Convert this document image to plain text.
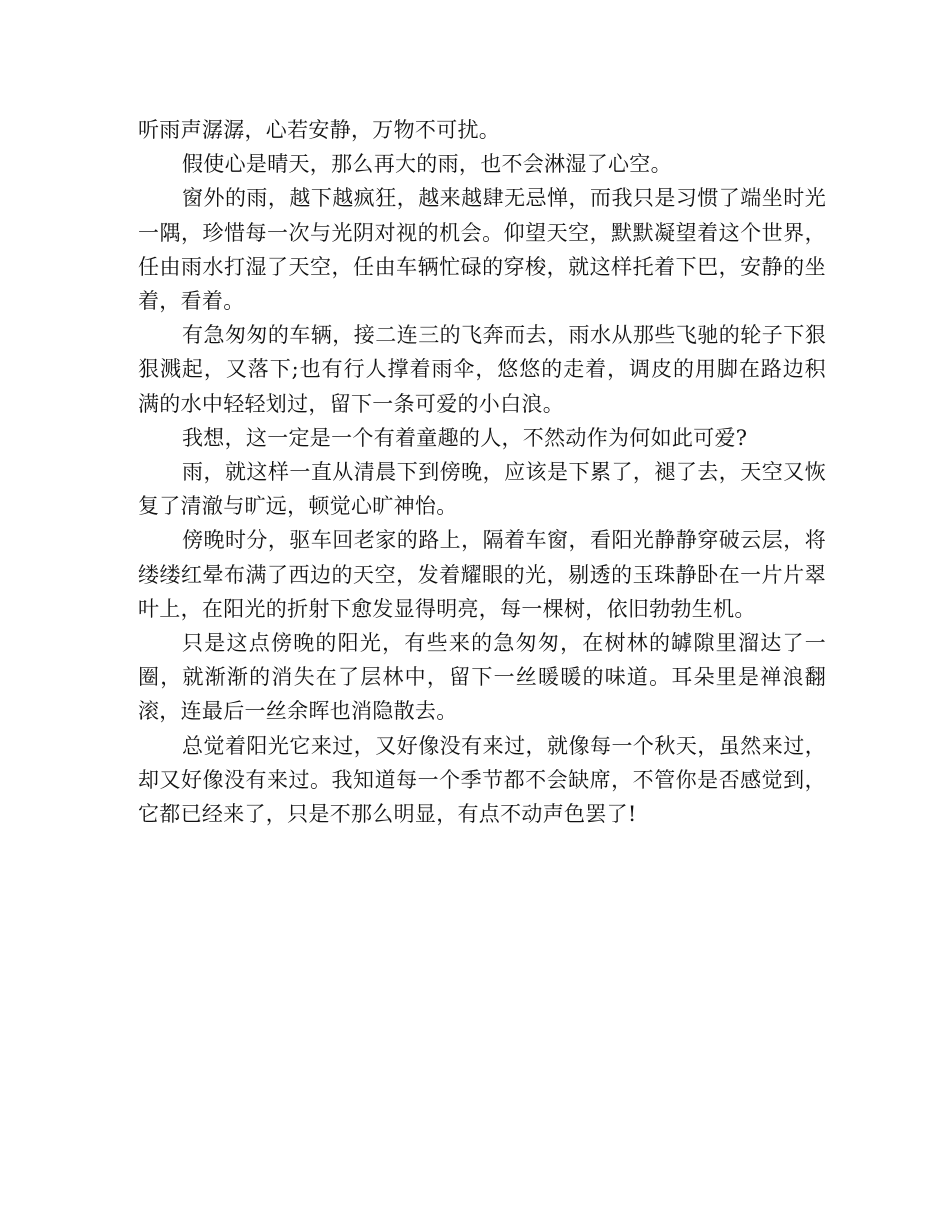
听雨声潺潺，心若安静，万物不可扰。

假使心是晴天，那么再大的雨，也不会淋湿了心空。

窗外的雨，越下越疯狂，越来越肆无忌惮，而我只是习惯了端坐时光一隅，珍惜每一次与光阴对视的机会。仰望天空，默默凝望着这个世界，任由雨水打湿了天空，任由车辆忙碌的穿梭，就这样托着下巴，安静的坐着，看着。

有急匆匆的车辆，接二连三的飞奔而去，雨水从那些飞驰的轮子下狠狠溅起，又落下;也有行人撑着雨伞，悠悠的走着，调皮的用脚在路边积满的水中轻轻划过，留下一条可爱的小白浪。

我想，这一定是一个有着童趣的人，不然动作为何如此可爱?

雨，就这样一直从清晨下到傍晚，应该是下累了，褪了去，天空又恢复了清澈与旷远，顿觉心旷神怡。

傍晚时分，驱车回老家的路上，隔着车窗，看阳光静静穿破云层，将缕缕红晕布满了西边的天空，发着耀眼的光，剔透的玉珠静卧在一片片翠叶上，在阳光的折射下愈发显得明亮，每一棵树，依旧勃勃生机。

只是这点傍晚的阳光，有些来的急匆匆，在树林的罅隙里溜达了一圈，就渐渐的消失在了层林中，留下一丝暖暖的味道。耳朵里是禅浪翻滚，连最后一丝余晖也消隐散去。

总觉着阳光它来过，又好像没有来过，就像每一个秋天，虽然来过，却又好像没有来过。我知道每一个季节都不会缺席，不管你是否感觉到，它都已经来了，只是不那么明显，有点不动声色罢了!
